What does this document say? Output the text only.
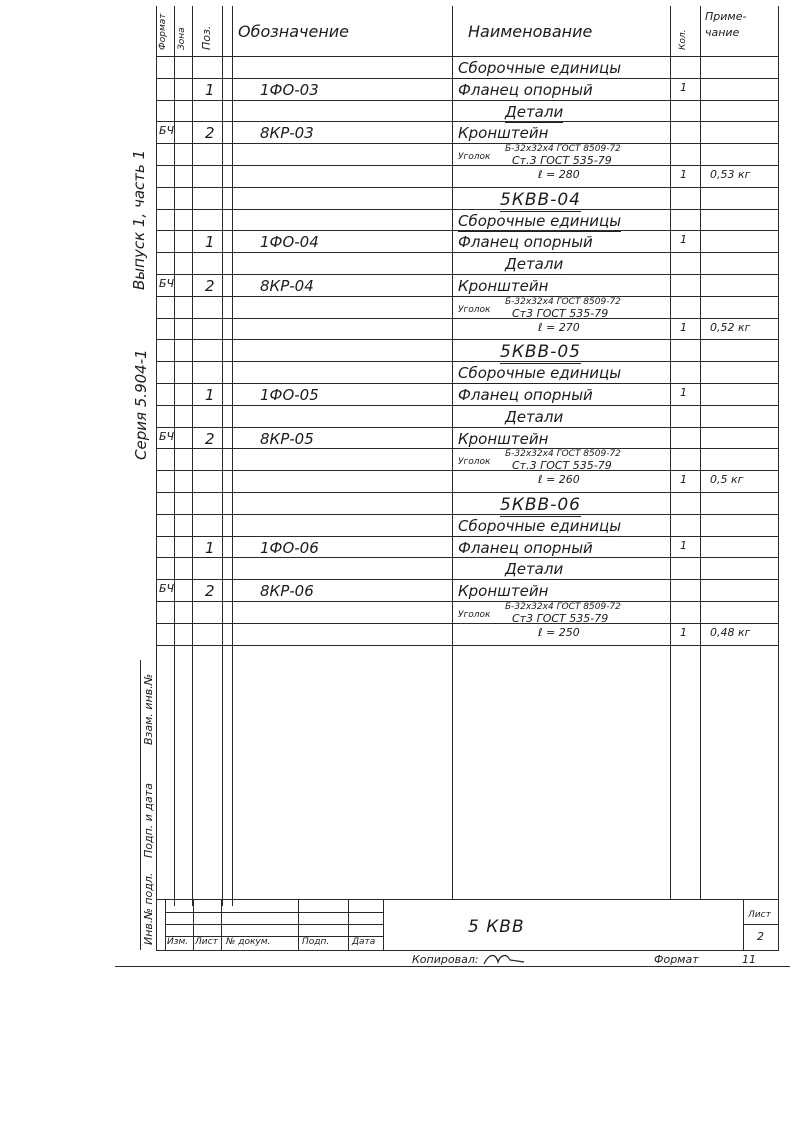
Выпуск 1, часть 1
Серия 5.904-1
Взам. инв.№
Подп. и дата
Инв.№ подл.
Формат Зона Поз. Обозначение	Наименование	Кол.
Приме-
чание
Сборочные единицы
1	1ФО-03	Фланец опорный	1
Детали
БЧ 2	8КР-03	Кронштейн
Уголок
Б-32х32х4 ГОСТ 8509-72
Ст.3 ГОСТ 535-79
ℓ = 280	1 0,53 кг
5КВВ-04
Сборочные единицы
1	1ФО-04	Фланец опорный	1
Детали
БЧ 2	8КР-04	Кронштейн
Уголок
Б-32х32х4 ГОСТ 8509-72
Ст3 ГОСТ 535-79
ℓ = 270	1 0,52 кг
5КВВ-05
Сборочные единицы
1	1ФО-05	Фланец опорный	1
Детали
БЧ 2	8КР-05	Кронштейн
Уголок
Б-32х32х4 ГОСТ 8509-72
Ст.3 ГОСТ 535-79
ℓ = 260	1 0,5 кг
5КВВ-06
Сборочные единицы
1	1ФО-06	Фланец опорный	1
Детали
БЧ 2	8КР-06	Кронштейн
Уголок
Б-32х32х4 ГОСТ 8509-72
Ст3 ГОСТ 535-79
ℓ = 250	1 0,48 кг
Изм. Лист № докум.	Подп.	Дата
5 КВВ
Лист
2
Копировал:	Формат	11
